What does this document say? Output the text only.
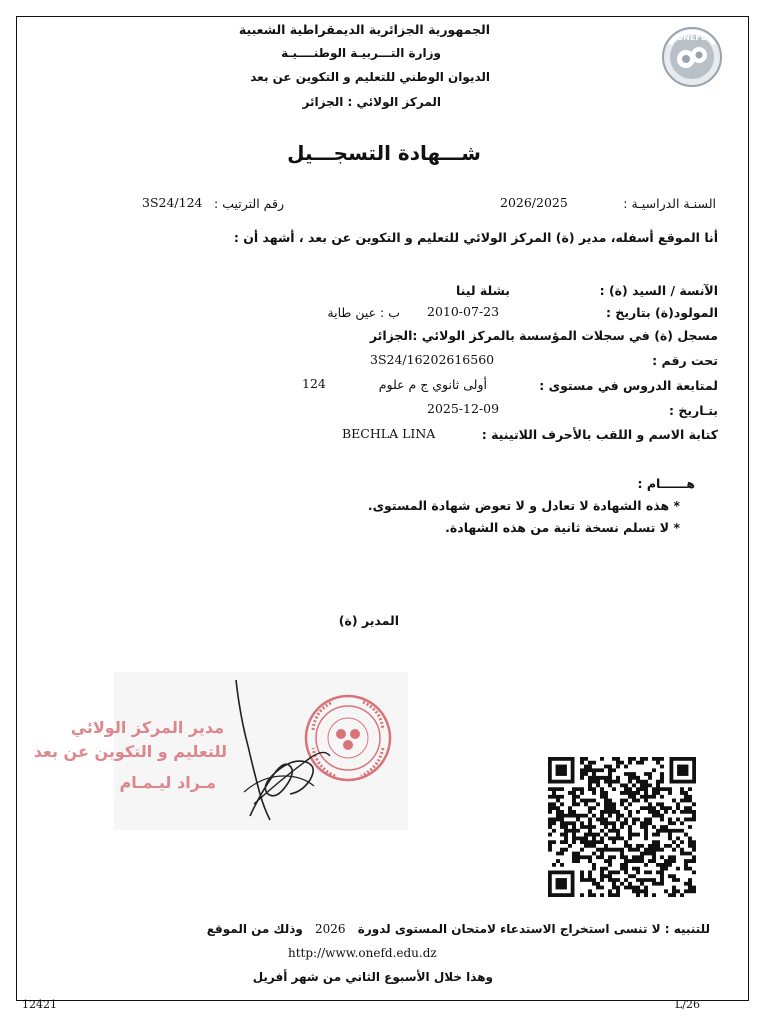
ONEFD
الجمهورية الجزائرية الديمقراطية الشعبية
وزارة التـــربيـة الوطنــــيـة
الديوان الوطني للتعليم و التكوين عن بعد
المركز الولائي : الجزائر
شـــهادة التسجـــيل
السنـة الدراسيـة :
2026/2025
رقم الترتيب :
3S24/124
أنا الموقع أسفله، مدير (ة) المركز الولائي للتعليم و التكوين عن بعد ، أشهد أن :
الآنسة / السيد (ة) :
بشلة لينا
المولود(ة) بتاريخ :
2010-07-23
ب : عين طاية
مسجل (ة) في سجلات المؤسسة بالمركز الولائي :الجزائر
تحت رقم :
3S24/16202616560
لمتابعة الدروس في مستوى :
أولى ثانوي ج م علوم
124
بتـاريخ :
2025-12-09
كتابة الاسم و اللقب بالأحرف اللاتينية :
BECHLA LINA
هــــــام :
* هذه الشهادة لا تعادل و لا تعوض شهادة المستوى.
* لا تسلم نسخة ثانية من هذه الشهادة.
المدير (ة)
مدير المركز الولائي
للتعليم و التكوين عن بعد
مـراد ليـمـام
للتنبيه : لا تنسى استخراج الاستدعاء لامتحان المستوى لدورة 2026 وذلك من الموقع
http://www.onefd.edu.dz
وهذا خلال الأسبوع الثاني من شهر أفريل
12421	L/26
